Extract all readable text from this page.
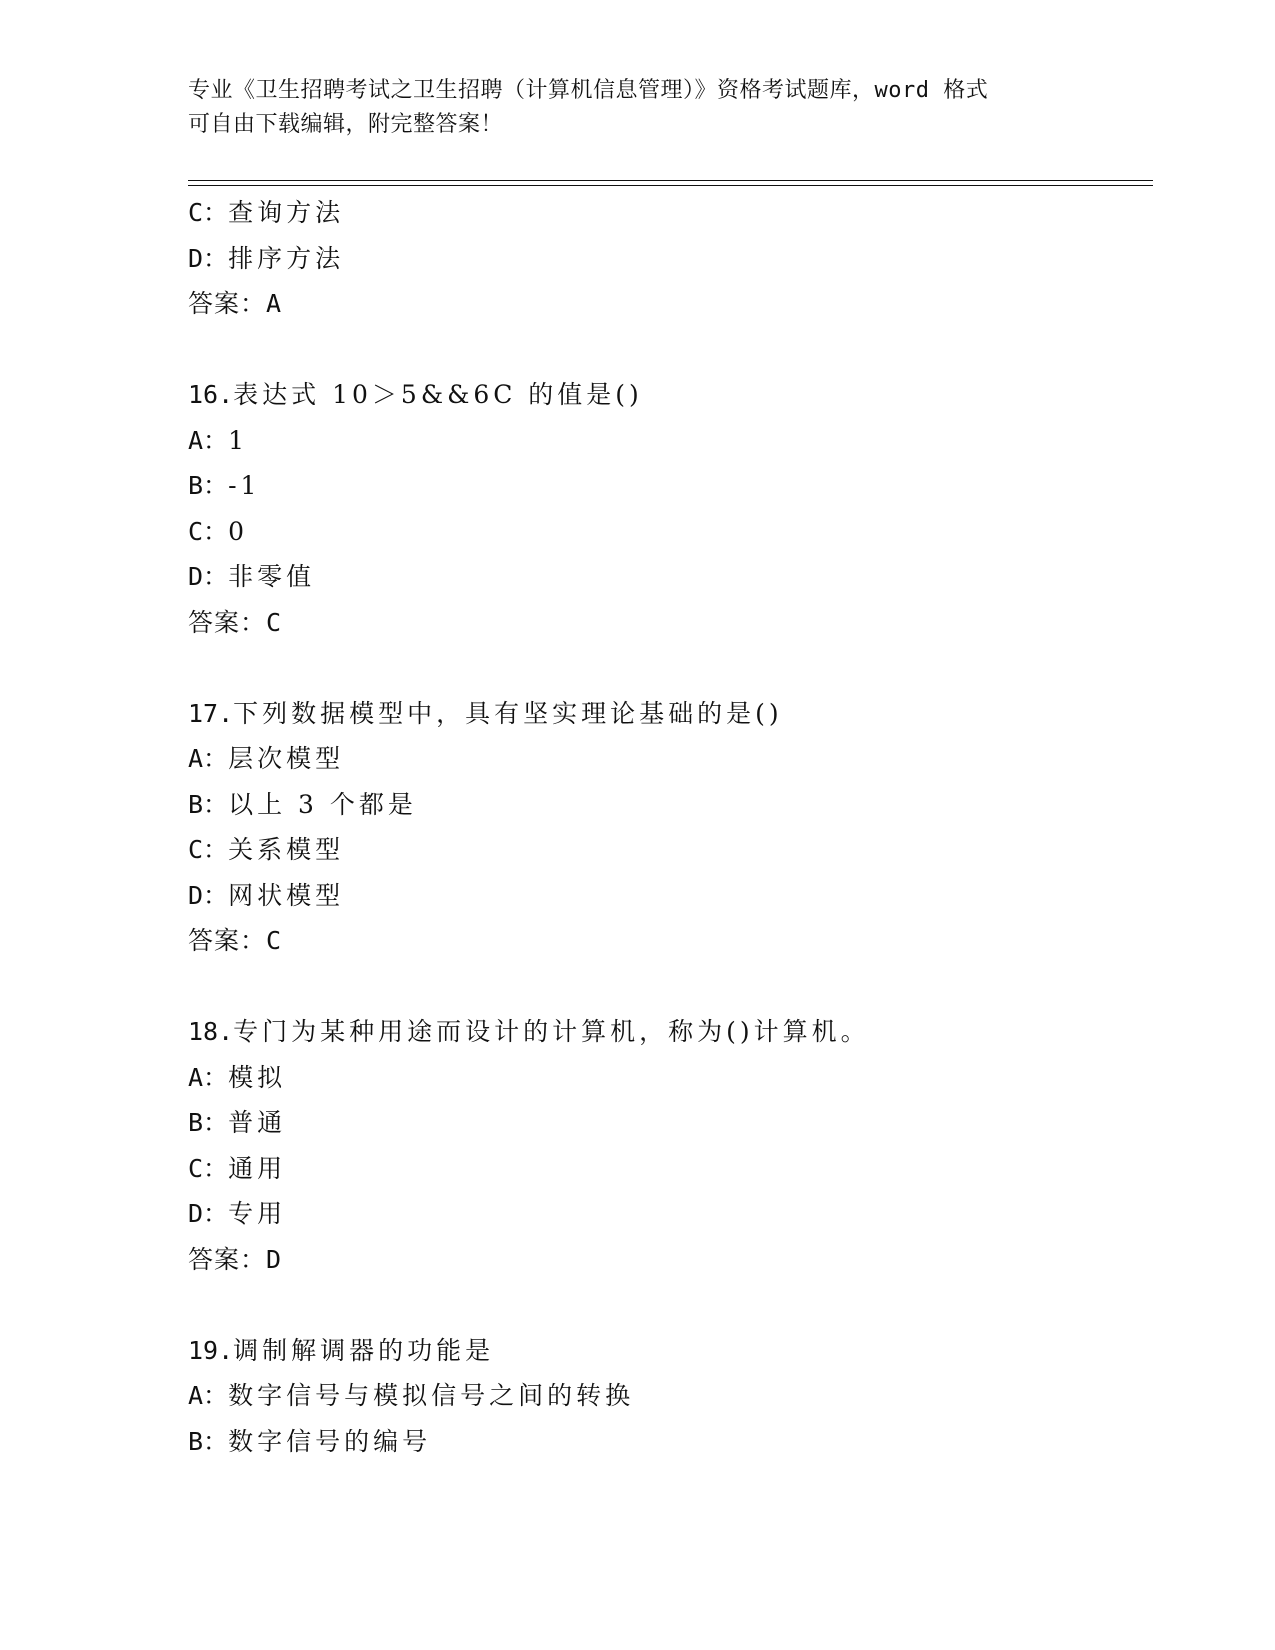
专业《卫生招聘考试之卫生招聘（计算机信息管理）》资格考试题库，word 格式
可自由下载编辑，附完整答案！
C：查询方法
D：排序方法
答案：A
16.表达式 10＞5&&6C 的值是()
A：1
B：-1
C：0
D：非零值
答案：C
17.下列数据模型中，具有坚实理论基础的是()
A：层次模型
B：以上 3 个都是
C：关系模型
D：网状模型
答案：C
18.专门为某种用途而设计的计算机，称为()计算机。
A：模拟
B：普通
C：通用
D：专用
答案：D
19.调制解调器的功能是
A：数字信号与模拟信号之间的转换
B：数字信号的编号
